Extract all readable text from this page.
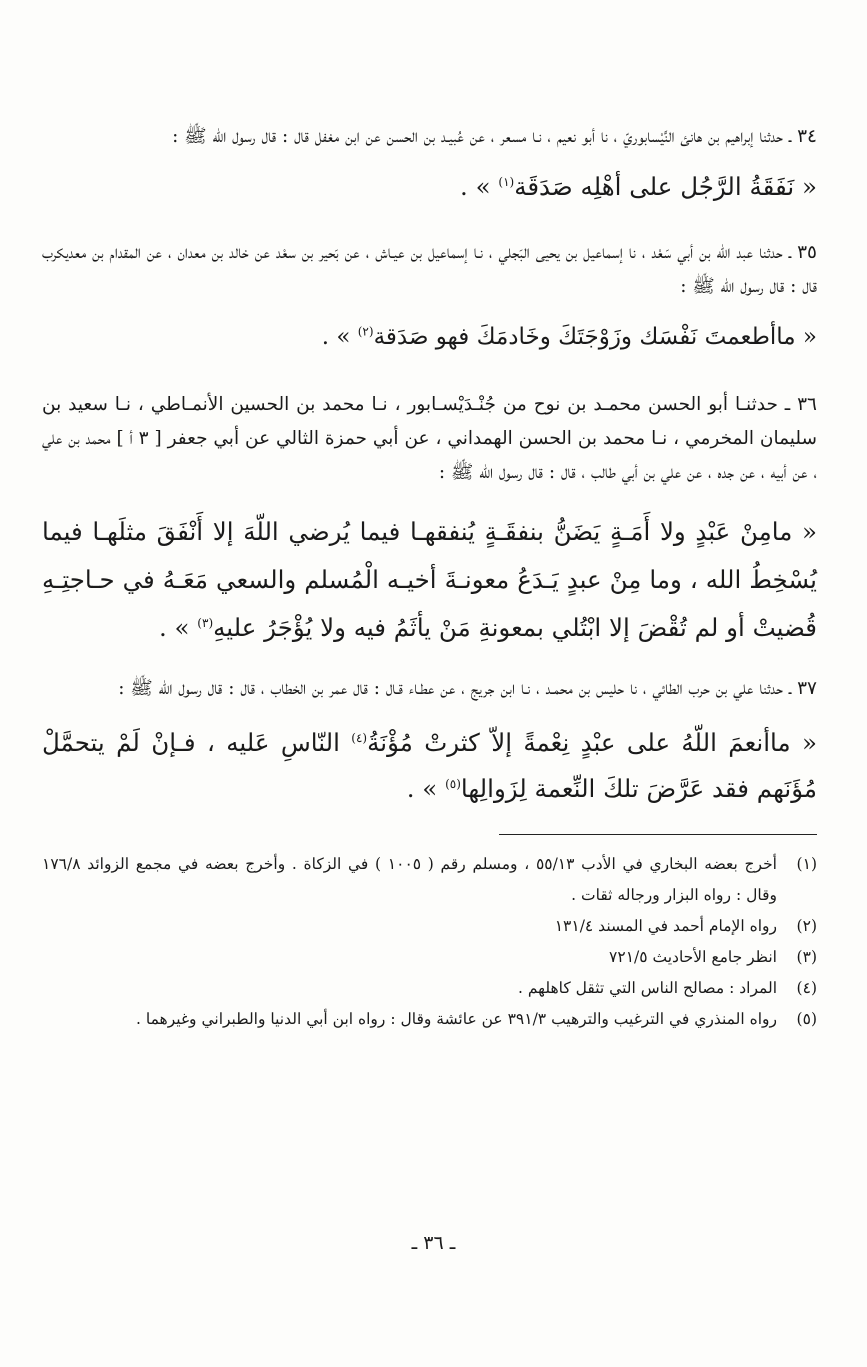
٣٤ ـ حدثنا إبراهيم بن هانئ النَّيْسابوريّ ، نا أبو نعيم ، نـا مسعر ، عن عُبيـد بن الحسن عن ابن مغفل قال : قال رسول الله ﷺ :

« نَفَقَةُ الرَّجُل على أهْلِه صَدَقَة$^{(١)}$ » .

٣٥ ـ حدثنا عبد الله بن أبي سَعْد ، نا إسماعيل بن يحيى البَجلي ، نـا إسماعيل بن عيـاش ، عن بَحير بن سعْد عن خالد بن معدان ، عن المقدام بن معديكرب قال : قال رسول الله ﷺ :

« ماأطعمتَ نَفْسَك وزَوْجَتَكَ وخَادمَكَ فهو صَدَقة$^{(٢)}$ » .

٣٦ ـ حدثنـا أبو الحسن محمـد بن نوح من جُنْـدَيْسـابور ، نـا محمد بن الحسين الأنمـاطي ، نـا سعيد بن سليمان المخرمي ، نـا محمد بن الحسن الهمداني ، عن أبي حمزة الثالي عن أبي جعفر [ ٣ أ ] محمد بن علي ، عن أبيه ، عن جده ، عن علي بن أبي طالب ، قال : قال رسول الله ﷺ :

« مامِنْ عَبْدٍ ولا أَمَـةٍ يَضَنُّ بنفقَـةٍ يُنفقهـا فيما يُرضي اللّهَ إلا أَنْفَقَ مثلَهـا فيما يُسْخِطُ الله ، وما مِنْ عبدٍ يَـدَعُ معونـةَ أخيـه الْمُسلم والسعي مَعَـهُ في حـاجتِـهِ قُضيتْ أو لم تُقْضَ إلا ابْتُلي بمعونةِ مَنْ يأثَمُ فيه ولا يُؤْجَرُ عليهِ$^{(٣)}$ » .

٣٧ ـ حدثنا علي بن حرب الطائي ، نا حليس بن محمـد ، نـا ابن جريج ، عن عطـاء قـال : قال عمر بن الخطاب ، قال : قال رسول الله ﷺ :

« ماأنعمَ اللّهُ على عبْدٍ نِعْمةً إلاّ كثرتْ مُؤْنَةُ$^{(٤)}$ النّاسِ عَليه ، فـإنْ لَمْ يتحمَّلْ مُؤَنَهم فقد عَرَّضَ تلكَ النِّعمة لِزَوالِها$^{(٥)}$ » .

(١)
أخرج بعضه البخاري في الأدب ٥٥/١٣ ، ومسلم رقم ( ١٠٠٥ ) في الزكاة . وأخرج بعضه في مجمع الزوائد ١٧٦/٨ وقال : رواه البزار ورجاله ثقات .
(٢)
رواه الإمام أحمد في المسند ١٣١/٤
(٣)
انظر جامع الأحاديث ٧٢١/٥
(٤)
المراد : مصالح الناس التي تثقل كاهلهم .
(٥)
رواه المنذري في الترغيب والترهيب ٣٩١/٣ عن عائشة وقال : رواه ابن أبي الدنيا والطبراني وغيرهما .
ـ ٣٦ ـ
